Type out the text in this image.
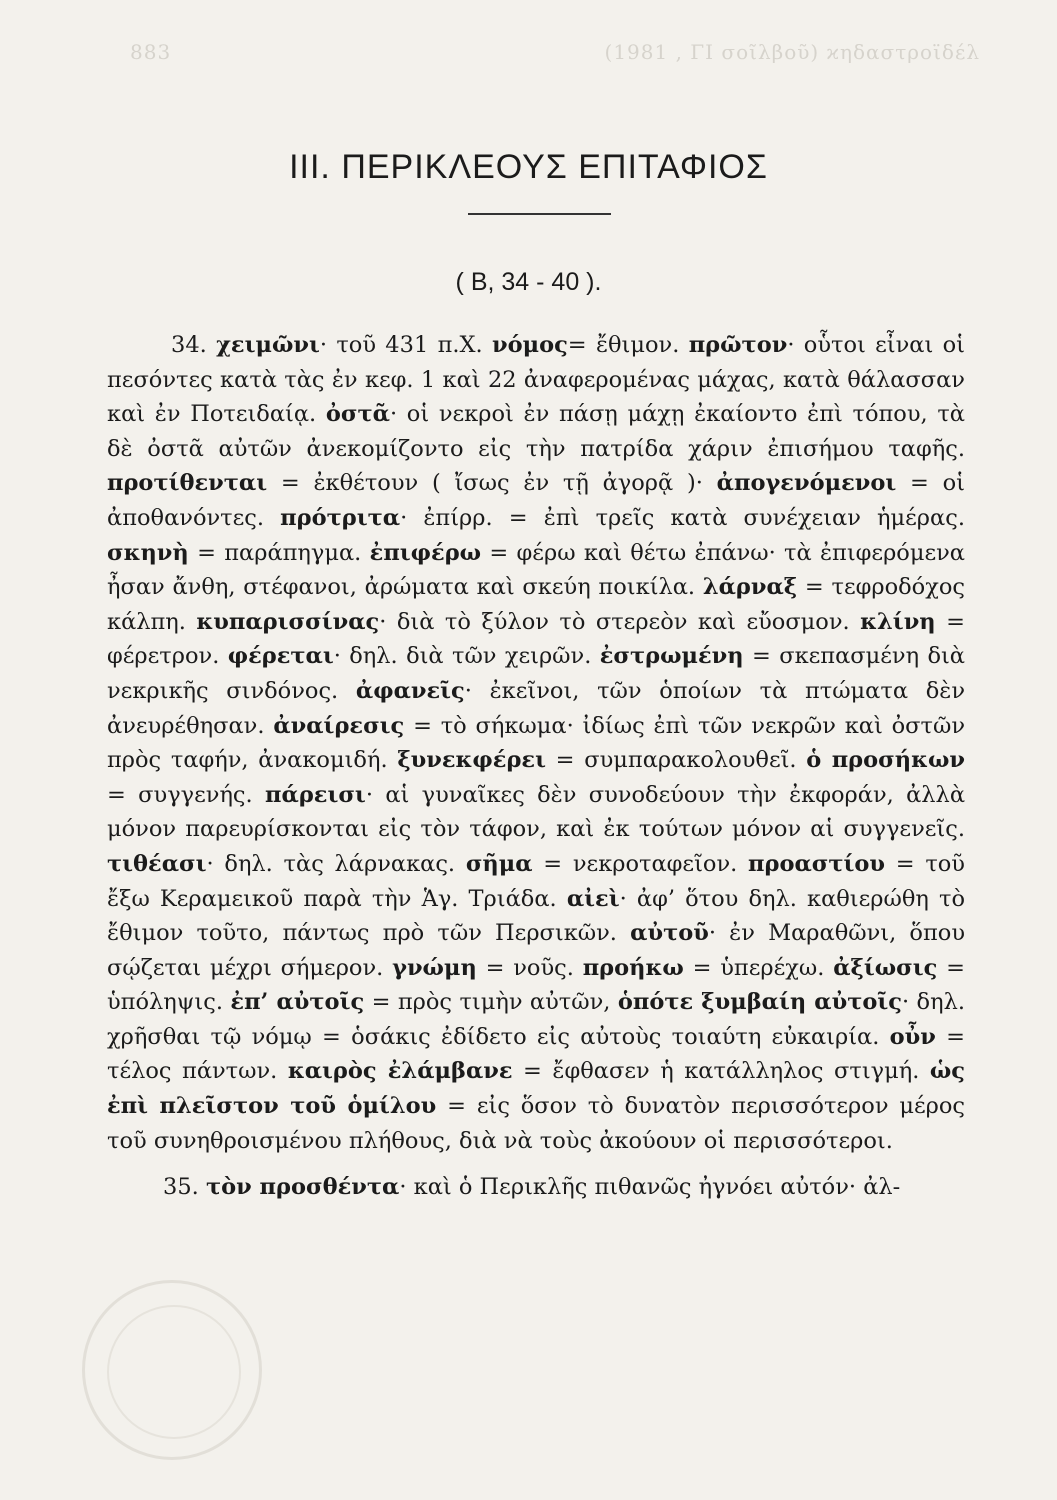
883	(1981 , ΓΙ σοῖλβοῦ) ϰηδαστροϊδέλ
III. ΠΕΡΙΚΛΕΟΥΣ ΕΠΙΤΑΦΙΟΣ
( Β, 34 - 40 ).

34. χειμῶνι· τοῦ 431 π.Χ. νόμος= ἔθιμον. πρῶτον· οὗτοι εἶναι οἱ πεσόντες κατὰ τὰς ἐν κεφ. 1 καὶ 22 ἀναφερομένας μάχας, κατὰ θάλασσαν καὶ ἐν Ποτειδαίᾳ. ὀστᾶ· οἱ νεκροὶ ἐν πάσῃ μάχῃ ἐκαίοντο ἐπὶ τόπου, τὰ δὲ ὀστᾶ αὐτῶν ἀνεκομίζοντο εἰς τὴν πατρίδα χάριν ἐπισήμου ταφῆς. προτίθενται = ἐκθέτουν ( ἴσως ἐν τῇ ἀγορᾷ )· ἀπογενόμενοι = οἱ ἀποθανόντες. πρότριτα· ἐπίρρ. = ἐπὶ τρεῖς κατὰ συνέχειαν ἡμέρας. σκηνὴ = παράπηγμα. ἐπιφέρω = φέρω καὶ θέτω ἐπάνω· τὰ ἐπιφερόμενα ἦσαν ἄνθη, στέφανοι, ἀρώματα καὶ σκεύη ποικίλα. λάρναξ = τεφροδόχος κάλπη. κυπαρισσίνας· διὰ τὸ ξύλον τὸ στερεὸν καὶ εὔοσμον. κλίνη = φέρετρον. φέρεται· δηλ. διὰ τῶν χειρῶν. ἐστρωμένη = σκεπασμένη διὰ νεκρικῆς σινδόνος. ἀφανεῖς· ἐκεῖνοι, τῶν ὁποίων τὰ πτώματα δὲν ἀνευρέθησαν. ἀναίρεσις = τὸ σήκωμα· ἰδίως ἐπὶ τῶν νεκρῶν καὶ ὀστῶν πρὸς ταφήν, ἀνακομιδή. ξυνεκφέρει = συμπαρακολουθεῖ. ὁ προσήκων = συγγενής. πάρεισι· αἱ γυναῖκες δὲν συνοδεύουν τὴν ἐκφοράν, ἀλλὰ μόνον παρευρίσκονται εἰς τὸν τάφον, καὶ ἐκ τούτων μόνον αἱ συγγενεῖς. τιθέασι· δηλ. τὰς λάρνακας. σῆμα = νεκροταφεῖον. προαστίου = τοῦ ἔξω Κεραμεικοῦ παρὰ τὴν Ἁγ. Τριάδα. αἰεὶ· ἀφ’ ὅτου δηλ. καθιερώθη τὸ ἔθιμον τοῦτο, πάντως πρὸ τῶν Περσικῶν. αὐτοῦ· ἐν Μαραθῶνι, ὅπου σῴζεται μέχρι σήμερον. γνώμη = νοῦς. προήκω = ὑπερέχω. ἀξίωσις = ὑπόληψις. ἐπ’ αὐτοῖς = πρὸς τιμὴν αὐτῶν, ὁπότε ξυμβαίη αὐτοῖς· δηλ. χρῆσθαι τῷ νόμῳ = ὁσάκις ἐδίδετο εἰς αὐτοὺς τοιαύτη εὐκαιρία. οὖν = τέλος πάντων. καιρὸς ἐλάμβανε = ἔφθασεν ἡ κατάλληλος στιγμή. ὡς ἐπὶ πλεῖστον τοῦ ὁμίλου = εἰς ὅσον τὸ δυνατὸν περισσότερον μέρος τοῦ συνηθροισμένου πλήθους, διὰ νὰ τοὺς ἀκούουν οἱ περισσότεροι.

35. τὸν προσθέντα· καὶ ὁ Περικλῆς πιθανῶς ἠγνόει αὐτόν· ἀλ-
